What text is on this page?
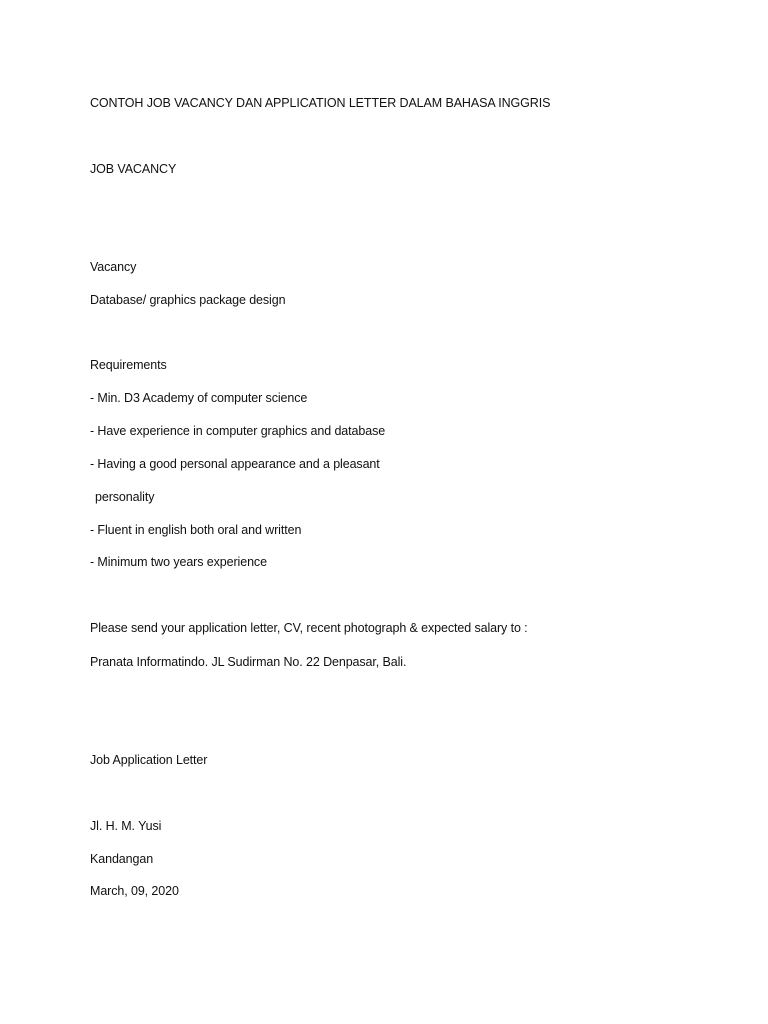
CONTOH JOB VACANCY DAN APPLICATION LETTER DALAM BAHASA INGGRIS
JOB VACANCY
Vacancy
Database/ graphics package design
Requirements
- Min. D3 Academy of computer science
- Have experience in computer graphics and database
- Having a good personal appearance and a pleasant
personality
- Fluent in english both oral and written
- Minimum two years experience
Please send your application letter, CV, recent photograph & expected salary to :
Pranata Informatindo. JL Sudirman No. 22 Denpasar, Bali.
Job Application Letter
Jl. H. M. Yusi
Kandangan
March, 09, 2020
